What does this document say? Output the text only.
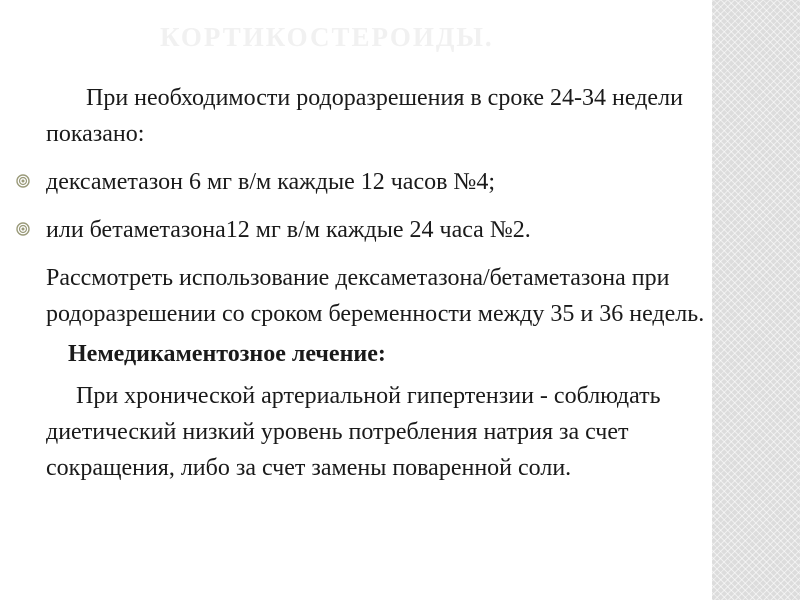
КОРТИКОСТЕРОИДЫ.

При необходимости родоразрешения в сроке 24-34 недели показано:

дексаметазон 6 мг в/м каждые 12 часов №4;

или бетаметазона12 мг в/м каждые 24 часа №2.

Рассмотреть использование дексаметазона/бетаметазона при родоразрешении со сроком беременности между 35 и 36 недель.

Немедикаментозное лечение:

При хронической артериальной гипертензии - соблюдать диетический низкий уровень потребления натрия за счет сокращения, либо за счет замены поваренной соли.
